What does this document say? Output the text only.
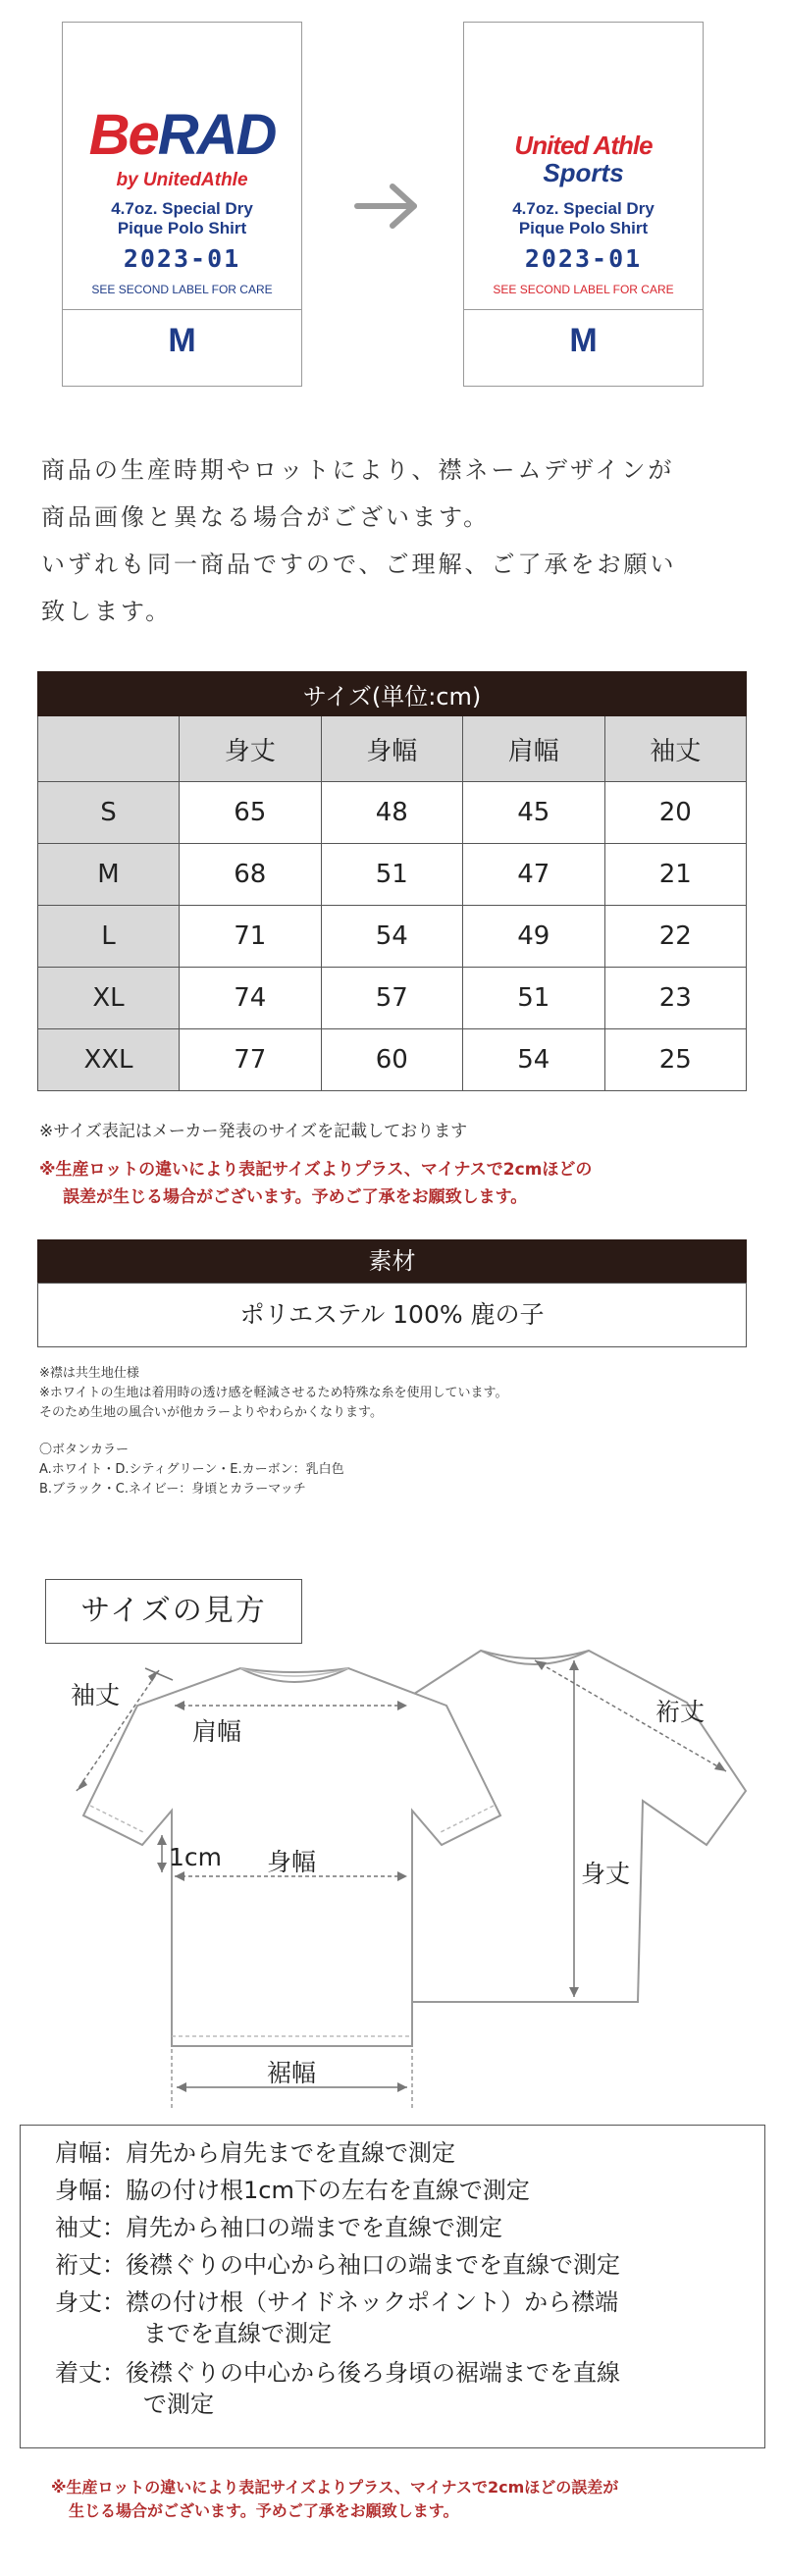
BeRAD
by UnitedAthle
4.7oz. Special Dry
Pique Polo Shirt
2023-01
SEE SECOND LABEL FOR CARE
M
United Athle
Sports
4.7oz. Special Dry
Pique Polo Shirt
2023-01
SEE SECOND LABEL FOR CARE
M
商品の生産時期やロットにより、襟ネームデザインが
商品画像と異なる場合がございます。
いずれも同一商品ですので、ご理解、ご了承をお願い
致します。
サイズ(単位:cm)				
	身丈	身幅	肩幅	袖丈
S	65	48	45	20
M	68	51	47	21
L	71	54	49	22
XL	74	57	51	23
XXL	77	60	54	25
※サイズ表記はメーカー発表のサイズを記載しております
※生産ロットの違いにより表記サイズよりプラス、マイナスで2cmほどの
誤差が生じる場合がございます。予めご了承をお願致します。
素材
ポリエステル 100% 鹿の子
※襟は共生地仕様
※ホワイトの生地は着用時の透け感を軽減させるため特殊な糸を使用しています。
そのため生地の風合いが他カラーよりやわらかくなります。
〇ボタンカラー
A.ホワイト・D.シティグリーン・E.カーボン：乳白色
B.ブラック・C.ネイビー：身頃とカラーマッチ
サイズの見方
袖丈
肩幅
1cm 身幅
裾幅
裄丈
身丈
肩幅：肩先から肩先までを直線で測定
身幅：脇の付け根1cm下の左右を直線で測定
袖丈：肩先から袖口の端までを直線で測定
裄丈：後襟ぐりの中心から袖口の端までを直線で測定
身丈：襟の付け根（サイドネックポイント）から襟端
までを直線で測定
着丈：後襟ぐりの中心から後ろ身頃の裾端までを直線
で測定
※生産ロットの違いにより表記サイズよりプラス、マイナスで2cmほどの誤差が
生じる場合がございます。予めご了承をお願致します。
